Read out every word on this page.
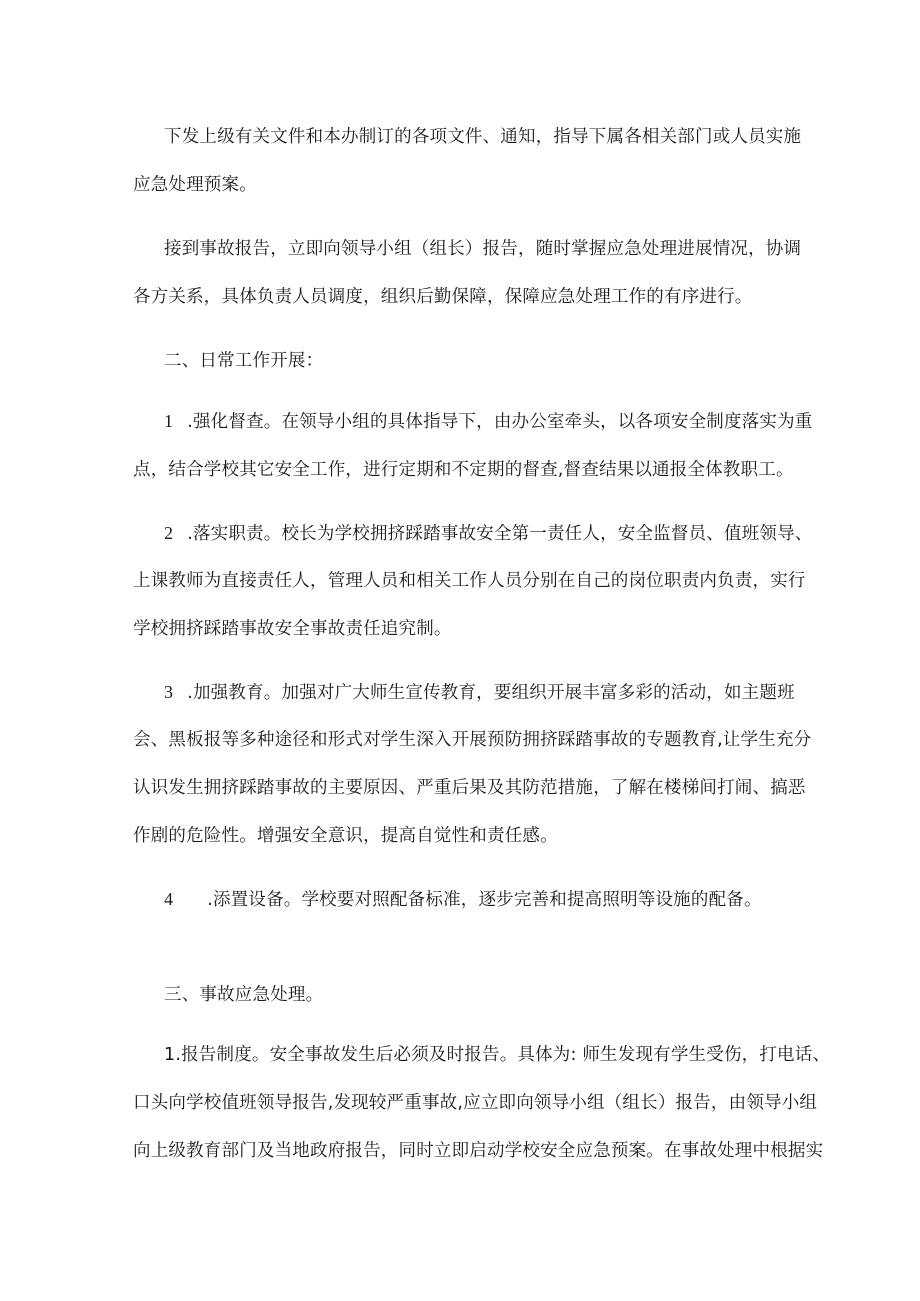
下发上级有关文件和本办制订的各项文件、通知，指导下属各相关部门或人员实施
应急处理预案。
接到事故报告，立即向领导小组（组长）报告，随时掌握应急处理进展情况，协调
各方关系，具体负责人员调度，组织后勤保障，保障应急处理工作的有序进行。
二、日常工作开展：
1 .强化督查。在领导小组的具体指导下，由办公室牵头，以各项安全制度落实为重
点，结合学校其它安全工作，进行定期和不定期的督查,督查结果以通报全体教职工。
2 .落实职责。校长为学校拥挤踩踏事故安全第一责任人，安全监督员、值班领导、
上课教师为直接责任人，管理人员和相关工作人员分别在自己的岗位职责内负责，实行
学校拥挤踩踏事故安全事故责任追究制。
3 .加强教育。加强对广大师生宣传教育，要组织开展丰富多彩的活动，如主题班
会、黑板报等多种途径和形式对学生深入开展预防拥挤踩踏事故的专题教育,让学生充分
认识发生拥挤踩踏事故的主要原因、严重后果及其防范措施，了解在楼梯间打闹、搞恶
作剧的危险性。增强安全意识，提高自觉性和责任感。
4 .添置设备。学校要对照配备标准，逐步完善和提高照明等设施的配备。
三、事故应急处理。
1.报告制度。安全事故发生后必须及时报告。具体为: 师生发现有学生受伤，打电话、
口头向学校值班领导报告,发现较严重事故,应立即向领导小组（组长）报告，由领导小组
向上级教育部门及当地政府报告，同时立即启动学校安全应急预案。在事故处理中根据实
